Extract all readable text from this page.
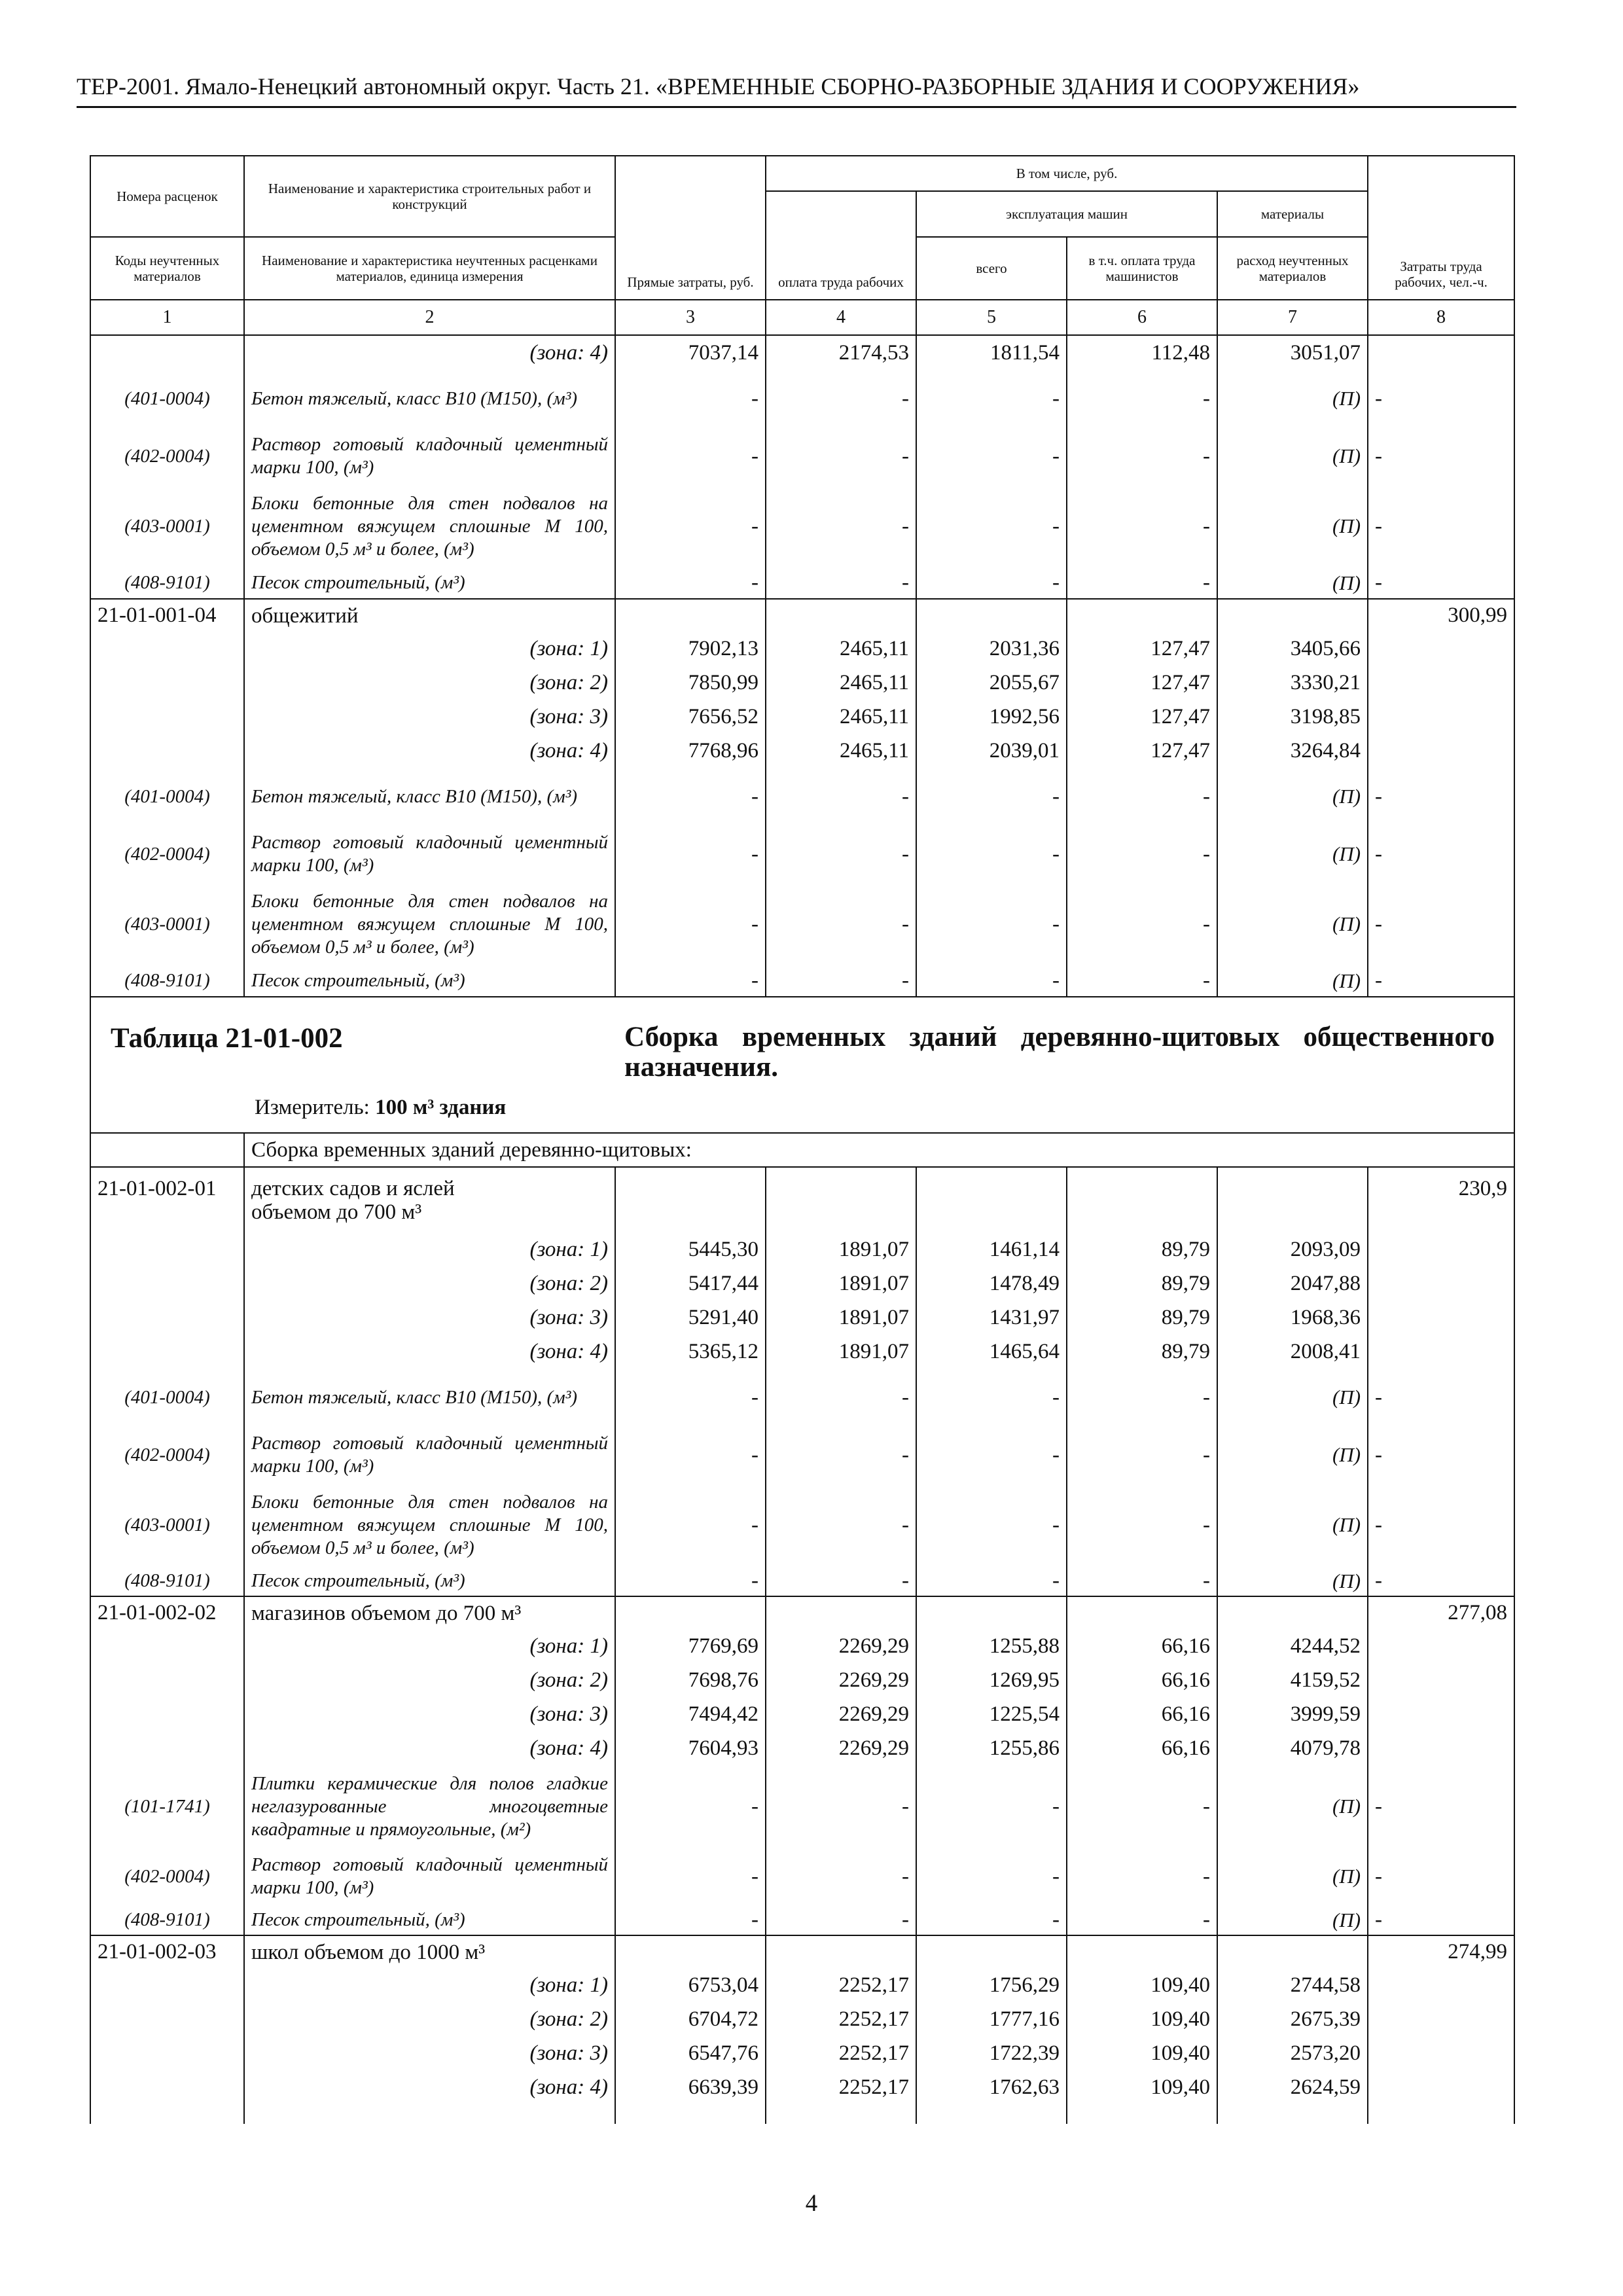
ТЕР-2001. Ямало-Ненецкий автономный округ. Часть 21. «ВРЕМЕННЫЕ СБОРНО-РАЗБОРНЫЕ ЗДАНИЯ И СООРУЖЕНИЯ»
Номера расценок	Наименование и характеристика строительных работ и конструкций	Прямые затраты, руб.	В том числе, руб.				Затраты труда рабочих, чел.-ч.
			оплата труда рабочих	эксплуатация машин		материалы	
Коды неучтенных материалов	Наименование и характеристика неучтенных расценками материалов, единица измерения			всего	в т.ч. оплата труда машинистов	расход неучтенных материалов	
1	2	3	4	5	6	7	8
	(зона: 4)	7037,14	2174,53	1811,54	112,48	3051,07	
(401-0004)	Бетон тяжелый, класс В10 (М150), (м³)	-	-	-	-	(П)	-
(402-0004)	Раствор готовый кладочный цементный марки 100, (м³)	-	-	-	-	(П)	-
(403-0001)	Блоки бетонные для стен подвалов на цементном вяжущем сплошные М 100, объемом 0,5 м³ и более, (м³)	-	-	-	-	(П)	-
(408-9101)	Песок строительный, (м³)	-	-	-	-	(П)	-
21-01-001-04	общежитий						300,99
	(зона: 1)	7902,13	2465,11	2031,36	127,47	3405,66	
	(зона: 2)	7850,99	2465,11	2055,67	127,47	3330,21	
	(зона: 3)	7656,52	2465,11	1992,56	127,47	3198,85	
	(зона: 4)	7768,96	2465,11	2039,01	127,47	3264,84	
(401-0004)	Бетон тяжелый, класс В10 (М150), (м³)	-	-	-	-	(П)	-
(402-0004)	Раствор готовый кладочный цементный марки 100, (м³)	-	-	-	-	(П)	-
(403-0001)	Блоки бетонные для стен подвалов на цементном вяжущем сплошные М 100, объемом 0,5 м³ и более, (м³)	-	-	-	-	(П)	-
(408-9101)	Песок строительный, (м³)	-	-	-	-	(П)	-

Таблица 21-01-002 Сборка временных зданий деревянно-щитовых общественного назначения.
Измеритель: 100 м³ здания							

	Сборка временных зданий деревянно-щитовых:						
21-01-002-01	детских садов и яслей объемом до 700 м³						230,9
	(зона: 1)	5445,30	1891,07	1461,14	89,79	2093,09	
	(зона: 2)	5417,44	1891,07	1478,49	89,79	2047,88	
	(зона: 3)	5291,40	1891,07	1431,97	89,79	1968,36	
	(зона: 4)	5365,12	1891,07	1465,64	89,79	2008,41	
(401-0004)	Бетон тяжелый, класс В10 (М150), (м³)	-	-	-	-	(П)	-
(402-0004)	Раствор готовый кладочный цементный марки 100, (м³)	-	-	-	-	(П)	-
(403-0001)	Блоки бетонные для стен подвалов на цементном вяжущем сплошные М 100, объемом 0,5 м³ и более, (м³)	-	-	-	-	(П)	-
(408-9101)	Песок строительный, (м³)	-	-	-	-	(П)	-
21-01-002-02	магазинов объемом до 700 м³						277,08
	(зона: 1)	7769,69	2269,29	1255,88	66,16	4244,52	
	(зона: 2)	7698,76	2269,29	1269,95	66,16	4159,52	
	(зона: 3)	7494,42	2269,29	1225,54	66,16	3999,59	
	(зона: 4)	7604,93	2269,29	1255,86	66,16	4079,78	
(101-1741)	Плитки керамические для полов гладкие неглазурованные многоцветные квадратные и прямоугольные, (м²)	-	-	-	-	(П)	-
(402-0004)	Раствор готовый кладочный цементный марки 100, (м³)	-	-	-	-	(П)	-
(408-9101)	Песок строительный, (м³)	-	-	-	-	(П)	-
21-01-002-03	школ объемом до 1000 м³						274,99
	(зона: 1)	6753,04	2252,17	1756,29	109,40	2744,58	
	(зона: 2)	6704,72	2252,17	1777,16	109,40	2675,39	
	(зона: 3)	6547,76	2252,17	1722,39	109,40	2573,20	
	(зона: 4)	6639,39	2252,17	1762,63	109,40	2624,59	

4
